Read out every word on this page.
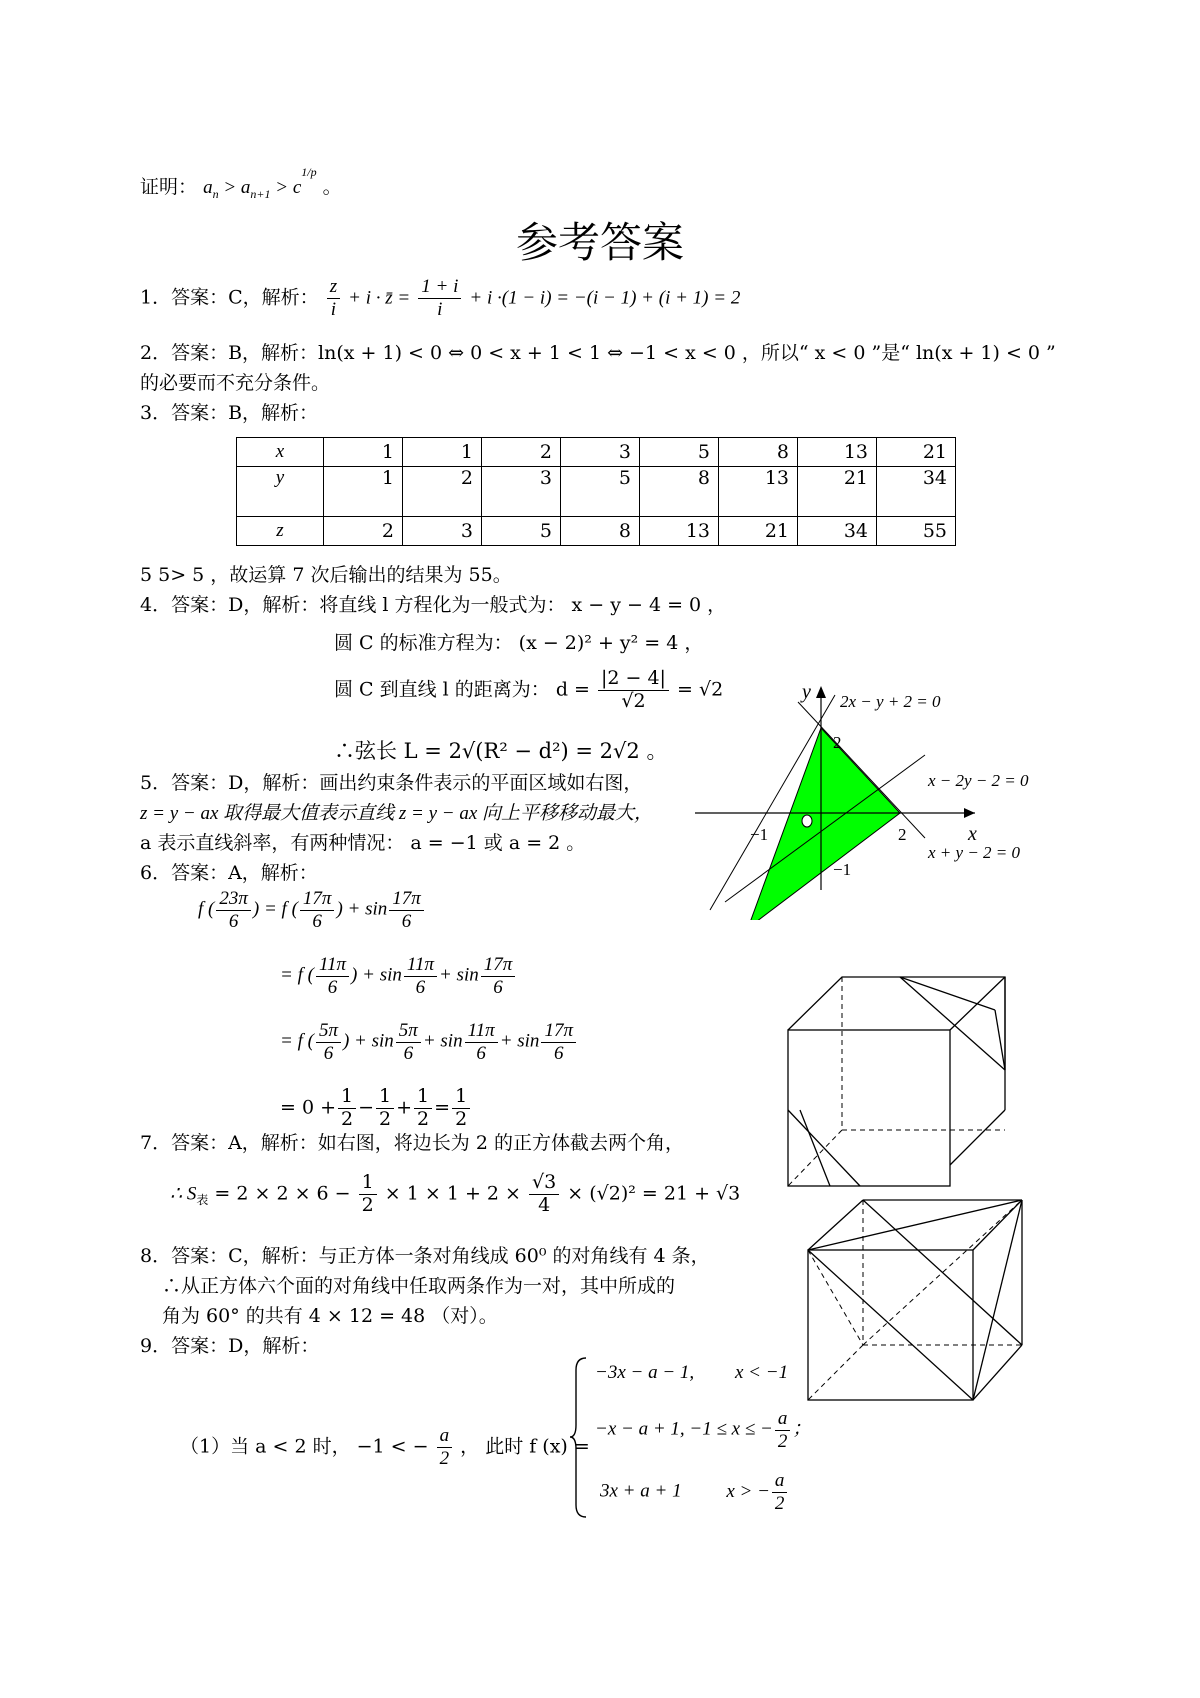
证明： $a_n > a_{n+1} > c^{1/p}$ 。
参考答案
1．答案：C，解析： $\frac{z}{i} + i$ · z̄ = $\frac{1 + i}{i} + i \cdot(1 - i) = -(i - 1) + (i + 1) = 2$
2．答案：B，解析：ln(x + 1) < 0 ⇔ 0 < x + 1 < 1 ⇔ −1 < x < 0 ，所以“ x < 0 ”是“ ln(x + 1) < 0 ”
的必要而不充分条件。
3．答案：B，解析：
x	1	1	2	3	5	8	13	21
y	1	2	3	5	8	13	21	34
z	2	3	5	8	13	21	34	55
5 5> 5 ，故运算 7 次后输出的结果为 55。
4．答案：D，解析：将直线 l 方程化为一般式为： x − y − 4 = 0 ，
圆 C 的标准方程为： (x − 2)² + y² = 4 ，
圆 C 到直线 l 的距离为： $d = \frac{|2 - 4|}{√2} = √2$
∴弦长 L = 2√(R² − d²) = 2√2 。
5．答案：D，解析：画出约束条件表示的平面区域如右图，
z = y − ax 取得最大值表示直线 z = y − ax 向上平移移动最大，
a 表示直线斜率，有两种情况： a = −1 或 a = 2 。
y
x
2x − y + 2 = 0
x − 2y − 2 = 0
x + y − 2 = 0
2
−1	2
−1
6．答案：A，解析：
f ( $\frac{23\pi}{6}$ ) = f ( $\frac{17\pi}{6}$ ) + $\sin \frac{17\pi}{6}$
= f ( $\frac{11\pi}{6}$ ) + $\sin \frac{11\pi}{6} + \sin \frac{17\pi}{6}$
= f ( $\frac{5\pi}{6}$ ) + $\sin \frac{5\pi}{6} + \sin \frac{11\pi}{6} + \sin \frac{17\pi}{6}$
= $0 + \frac{1}{2} - \frac{1}{2} + \frac{1}{2} = \frac{1}{2}$
7．答案：A，解析：如右图，将边长为 2 的正方体截去两个角，
∴ $S_表 = 2 \times 2 \times 6 - \frac{1}{2} \times 1 \times 1 + 2 \times \frac{√3}{4} \times (√2)^2 = 21 + √3$
8．答案：C，解析：与正方体一条对角线成 60⁰ 的对角线有 4 条，
∴从正方体六个面的对角线中任取两条作为一对，其中所成的
角为 60° 的共有 4 × 12 = 48 （对）。
9．答案：D，解析：
（1）当 a < 2 时， −1 < − $\frac{a}{2}$ ， 此时 f (x) =
−3x − a − 1, x < −1
−x − a + 1, −1 ≤ x ≤ − $\frac{a}{2}$ ；
3x + a + 1 x > − $\frac{a}{2}$
